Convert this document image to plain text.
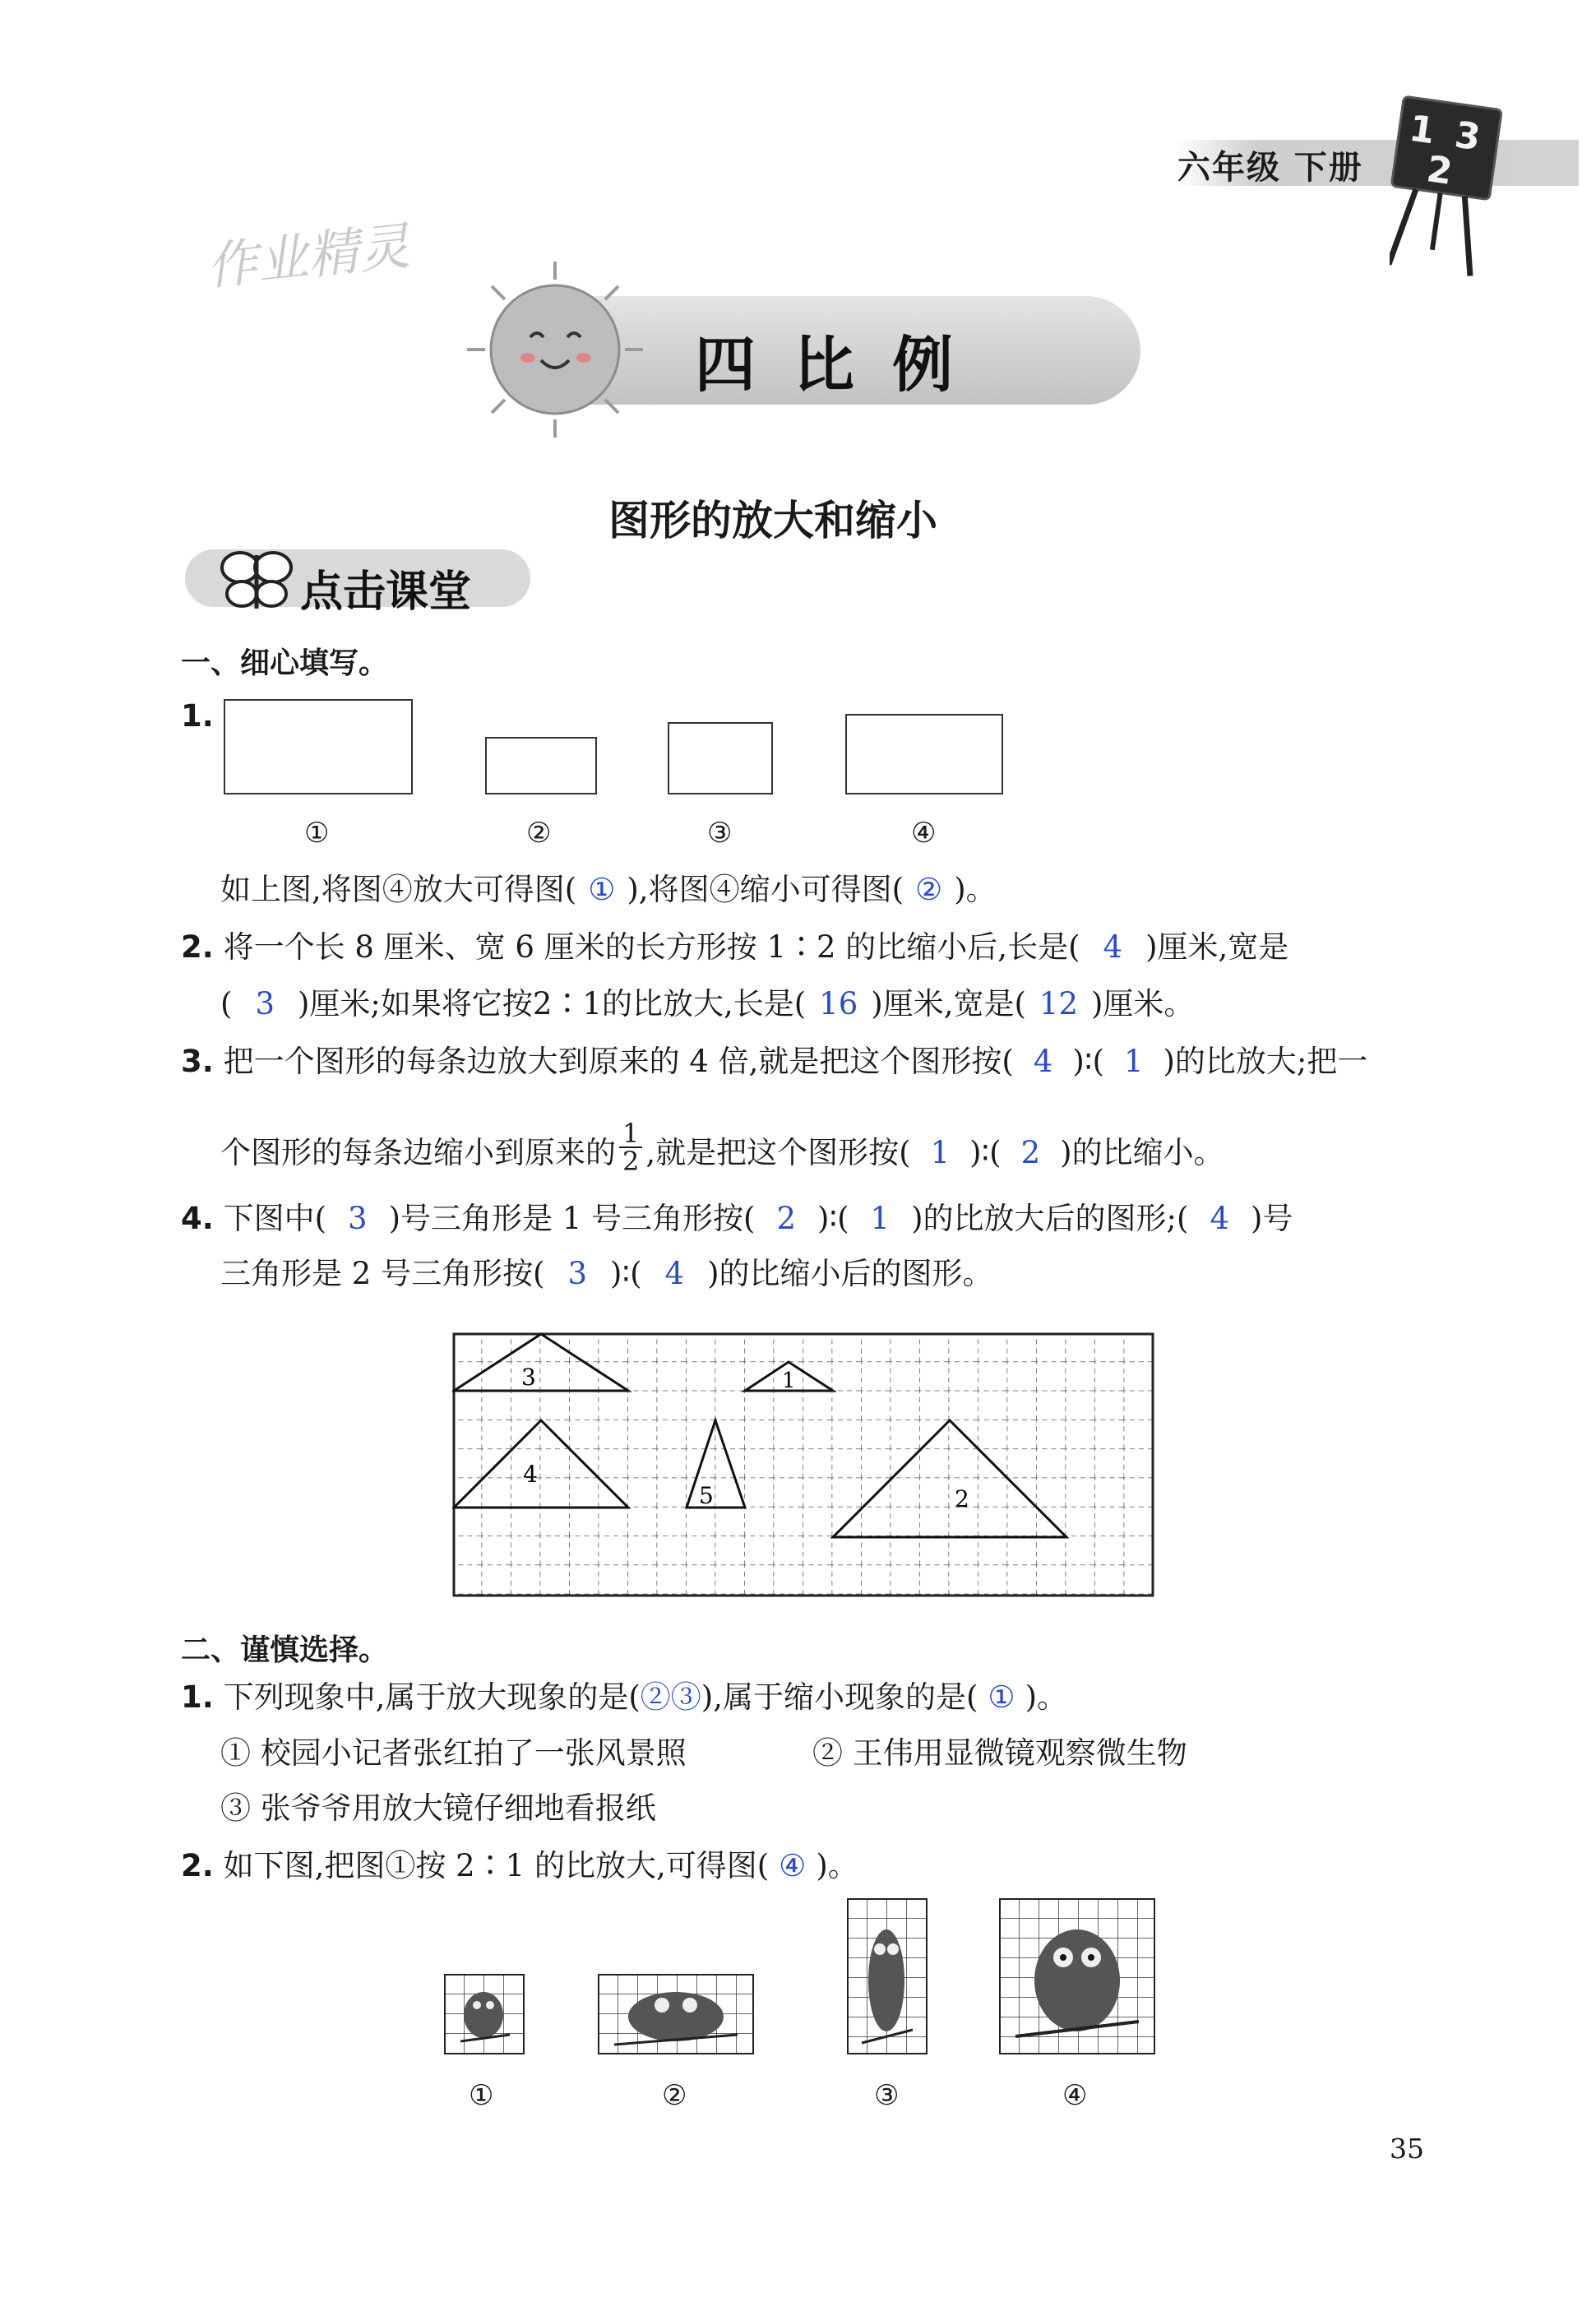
六年级 下册
1 3
2
作业精灵
四比例
图形的放大和缩小
点击课堂
一、细心填写。
1.
①	②	③	④
如上图,将图④放大可得图( ① ),将图④缩小可得图( ② )。
2. 将一个长 8 厘米、宽 6 厘米的长方形按 1∶2 的比缩小后,长是( 4 )厘米,宽是
( 3 )厘米;如果将它按2∶1的比放大,长是( 16 )厘米,宽是( 12 )厘米。
3. 把一个图形的每条边放大到原来的 4 倍,就是把这个图形按( 4 )∶( 1 )的比放大;把一
个图形的每条边缩小到原来的
1
2 ,就是把这个图形按( 1 )∶( 2 )的比缩小。
4. 下图中( 3 )号三角形是 1 号三角形按( 2 )∶( 1 )的比放大后的图形;( 4 )号
三角形是 2 号三角形按( 3 )∶( 4 )的比缩小后的图形。
3	1
4
5	2
二、谨慎选择。
1. 下列现象中,属于放大现象的是(②③),属于缩小现象的是( ① )。
① 校园小记者张红拍了一张风景照	② 王伟用显微镜观察微生物
③ 张爷爷用放大镜仔细地看报纸
2. 如下图,把图①按 2∶1 的比放大,可得图( ④ )。
①	②	③	④
35
